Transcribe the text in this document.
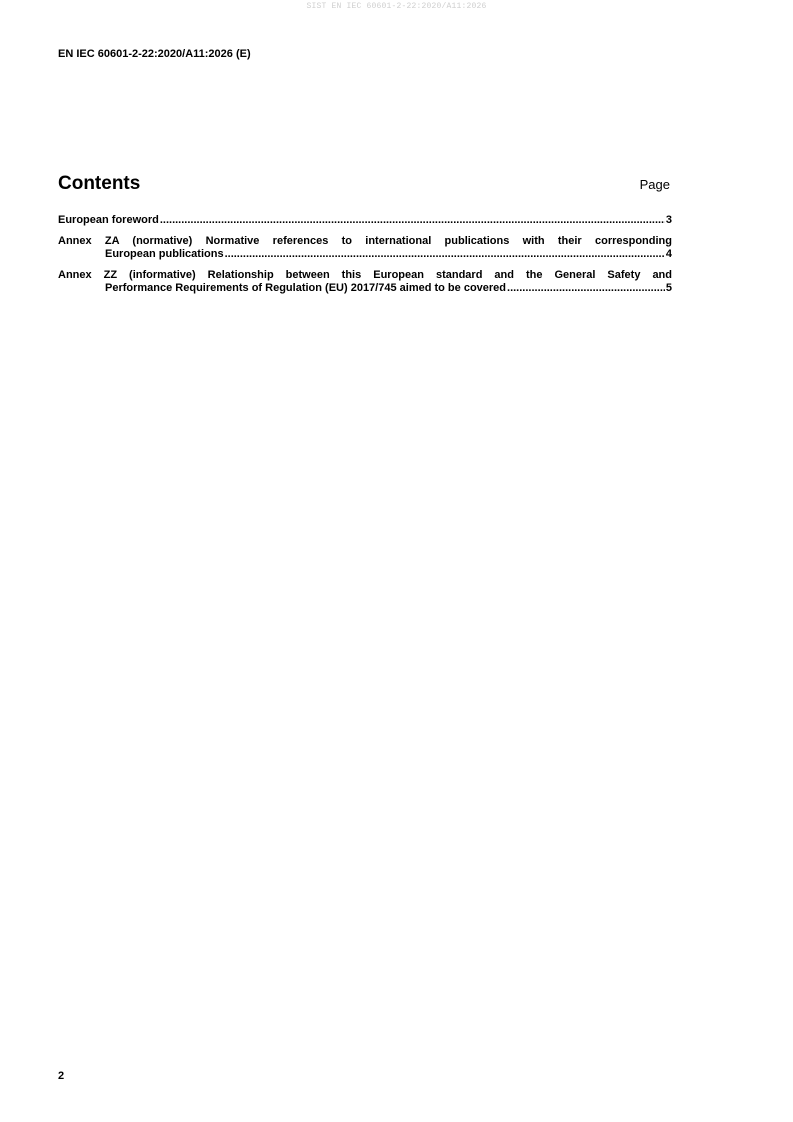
SIST EN IEC 60601-2-22:2020/A11:2026
EN IEC 60601-2-22:2020/A11:2026 (E)
Contents	Page
European foreword .....	3
Annex ZA (normative) Normative references to international publications with their corresponding
European publications .....	4
Annex ZZ (informative) Relationship between this European standard and the General Safety and
Performance Requirements of Regulation (EU) 2017/745 aimed to be covered .....	5
2
